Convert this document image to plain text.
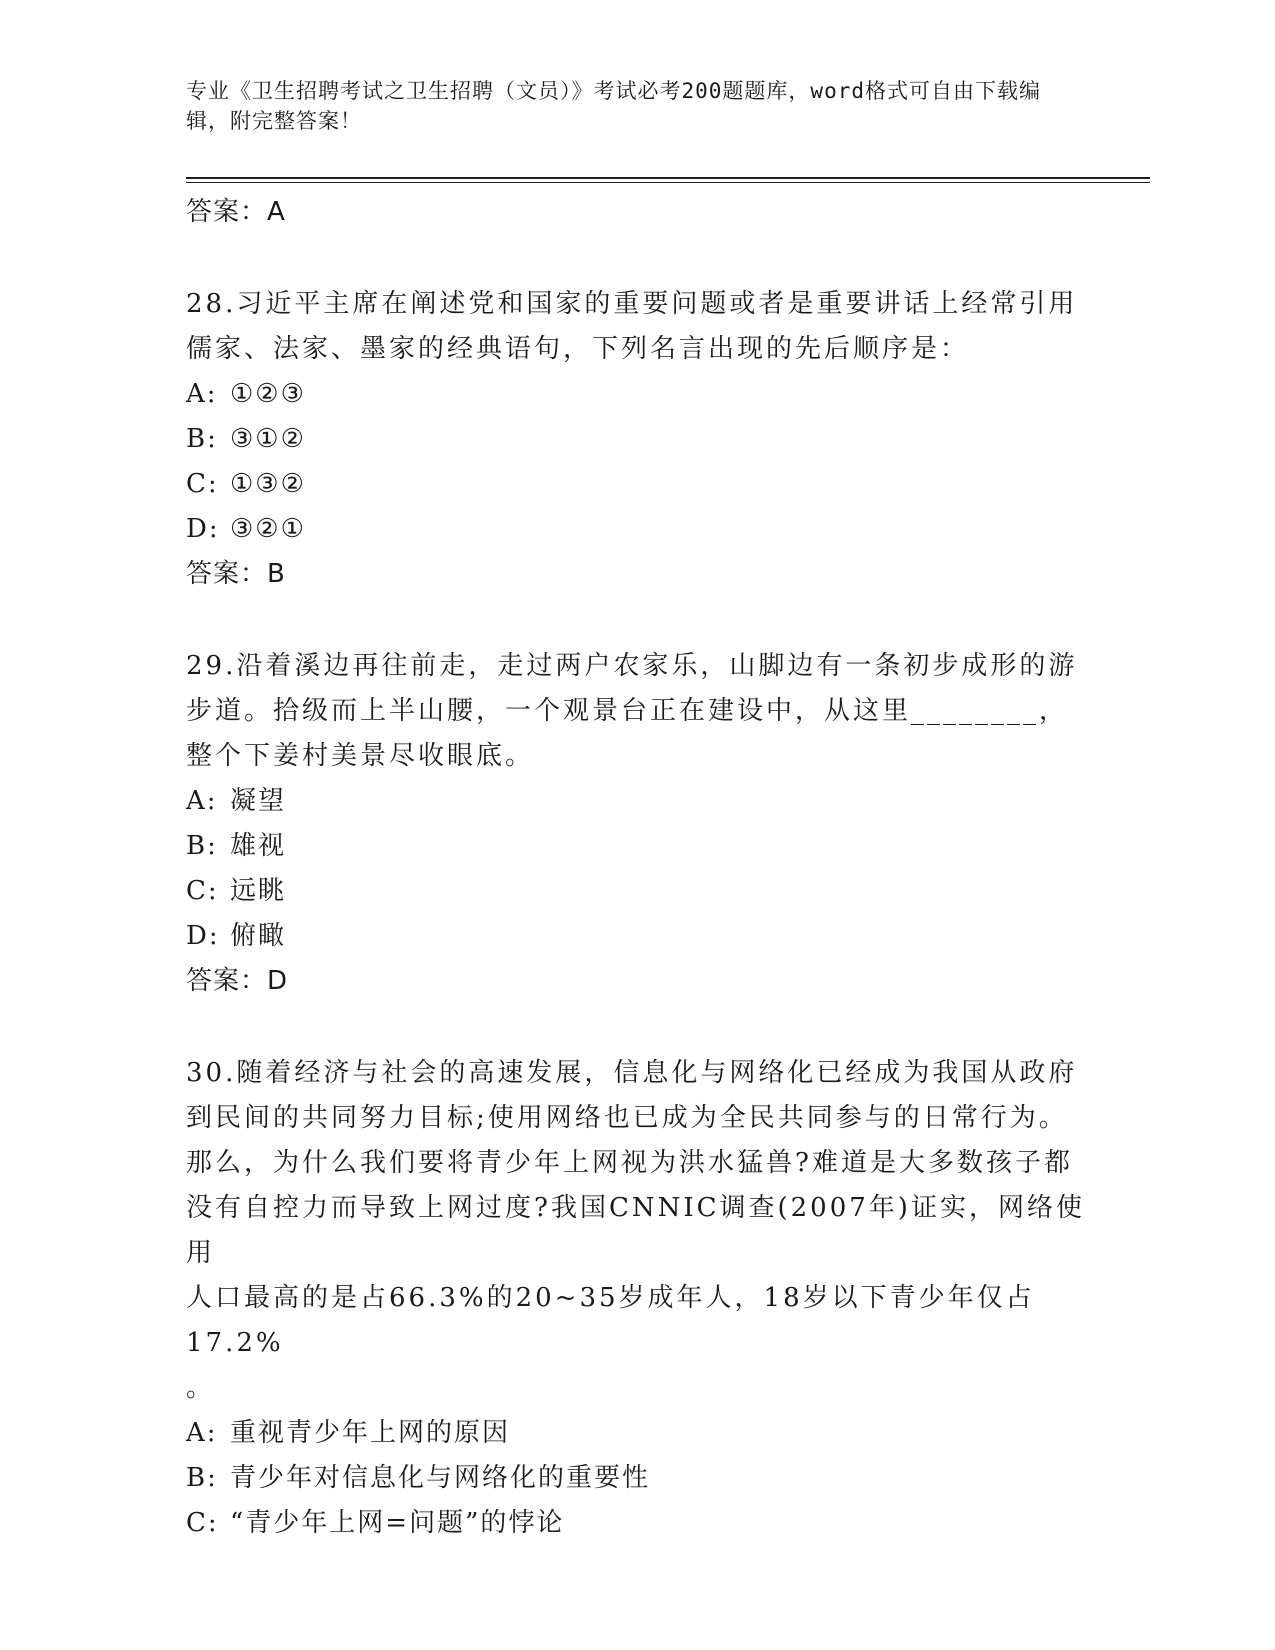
专业《卫生招聘考试之卫生招聘（文员）》考试必考200题题库，word格式可自由下载编辑，附完整答案！
答案：A
28.习近平主席在阐述党和国家的重要问题或者是重要讲话上经常引用
儒家、法家、墨家的经典语句，下列名言出现的先后顺序是：
A: ①②③
B: ③①②
C: ①③②
D: ③②①
答案：B
29.沿着溪边再往前走，走过两户农家乐，山脚边有一条初步成形的游
步道。拾级而上半山腰，一个观景台正在建设中，从这里________，
整个下姜村美景尽收眼底。
A: 凝望
B: 雄视
C: 远眺
D: 俯瞰
答案：D
30.随着经济与社会的高速发展，信息化与网络化已经成为我国从政府
到民间的共同努力目标;使用网络也已成为全民共同参与的日常行为。
那么，为什么我们要将青少年上网视为洪水猛兽?难道是大多数孩子都
没有自控力而导致上网过度?我国CNNIC调查(2007年)证实，网络使用
人口最高的是占66.3%的20~35岁成年人，18岁以下青少年仅占17.2%
。
A: 重视青少年上网的原因
B: 青少年对信息化与网络化的重要性
C: “青少年上网=问题”的悖论
